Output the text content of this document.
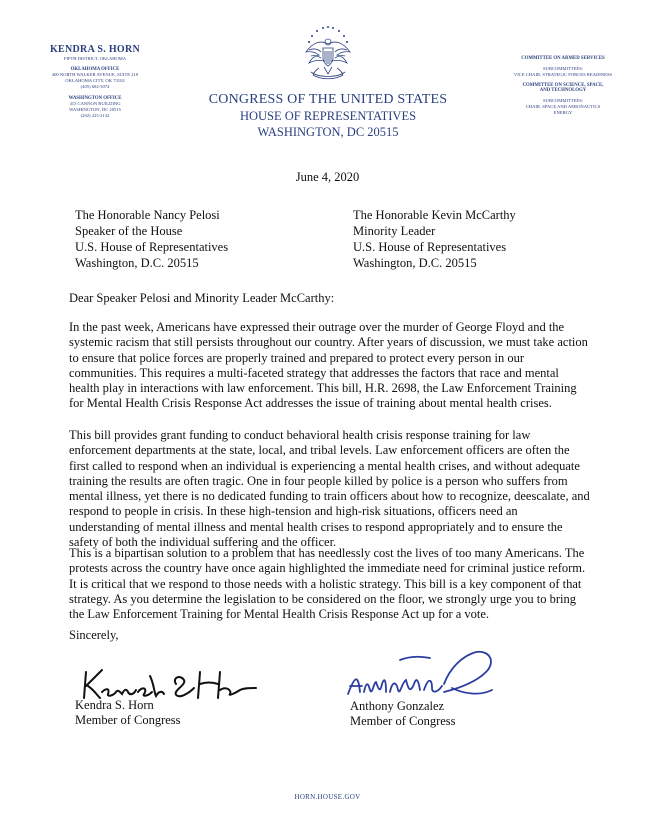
KENDRA S. HORN
FIFTH DISTRICT, OKLAHOMA
OKLAHOMA OFFICE
400 NORTH WALKER AVENUE, SUITE 210
OKLAHOMA CITY, OK 73102
(405) 602-3074
WASHINGTON OFFICE
415 CANNON BUILDING
WASHINGTON, DC 20515
(202) 225-2132
CONGRESS OF THE UNITED STATES
HOUSE OF REPRESENTATIVES
WASHINGTON, DC 20515
COMMITTEE ON ARMED SERVICES
SUBCOMMITTEES:
VICE CHAIR, STRATEGIC FORCES READINESS
COMMITTEE ON SCIENCE, SPACE,
AND TECHNOLOGY
SUBCOMMITTEES:
CHAIR, SPACE AND AERONAUTICS
ENERGY
June 4, 2020
The Honorable Nancy Pelosi
Speaker of the House
U.S. House of Representatives
Washington, D.C. 20515
The Honorable Kevin McCarthy
Minority Leader
U.S. House of Representatives
Washington, D.C. 20515
Dear Speaker Pelosi and Minority Leader McCarthy:

In the past week, Americans have expressed their outrage over the murder of George Floyd and the systemic racism that still persists throughout our country. After years of discussion, we must take action to ensure that police forces are properly trained and prepared to protect every person in our communities. This requires a multi-faceted strategy that addresses the factors that race and mental health play in interactions with law enforcement. This bill, H.R. 2698, the Law Enforcement Training for Mental Health Crisis Response Act addresses the issue of training about mental health crises.

This bill provides grant funding to conduct behavioral health crisis response training for law enforcement departments at the state, local, and tribal levels. Law enforcement officers are often the first called to respond when an individual is experiencing a mental health crises, and without adequate training the results are often tragic. One in four people killed by police is a person who suffers from mental illness, yet there is no dedicated funding to train officers about how to recognize, deescalate, and respond to people in crisis. In these high-tension and high-risk situations, officers need an understanding of mental illness and mental health crises to respond appropriately and to ensure the safety of both the individual suffering and the officer.

This is a bipartisan solution to a problem that has needlessly cost the lives of too many Americans. The protests across the country have once again highlighted the immediate need for criminal justice reform. It is critical that we respond to those needs with a holistic strategy. This bill is a key component of that strategy. As you determine the legislation to be considered on the floor, we strongly urge you to bring the Law Enforcement Training for Mental Health Crisis Response Act up for a vote.

Sincerely,
Kendra S. Horn
Member of Congress
Anthony Gonzalez
Member of Congress
HORN.HOUSE.GOV
